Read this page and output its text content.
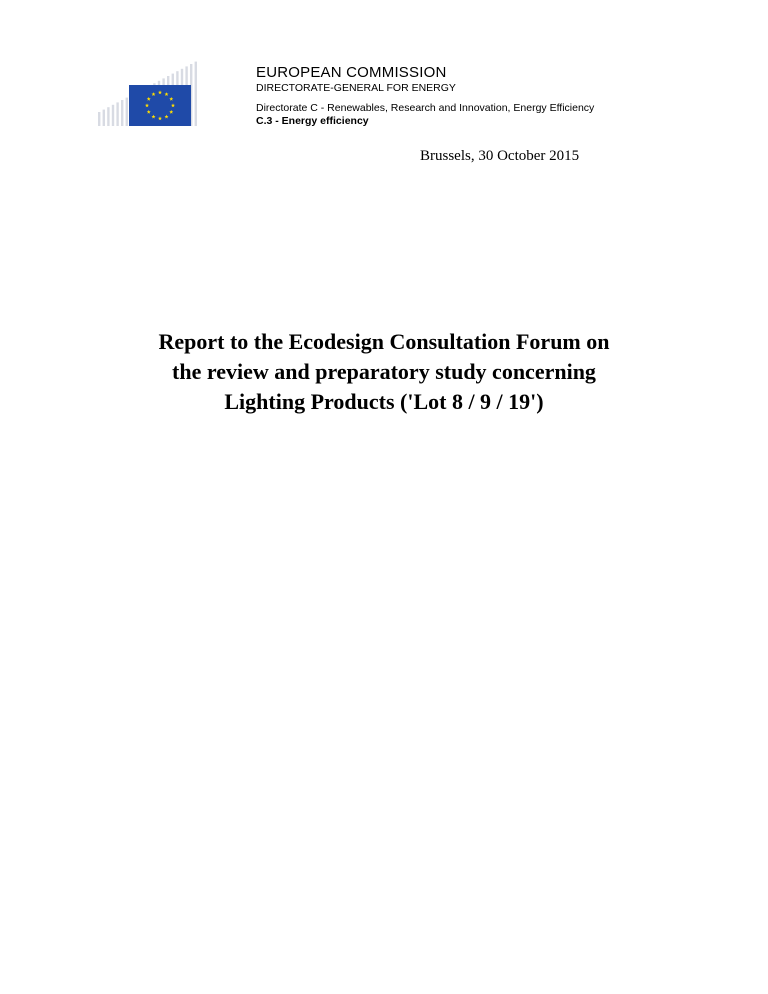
EUROPEAN COMMISSION
DIRECTORATE-GENERAL FOR ENERGY
Directorate C - Renewables, Research and Innovation, Energy Efficiency
C.3 - Energy efficiency
Brussels, 30 October 2015
Report to the Ecodesign Consultation Forum on
the review and preparatory study concerning
Lighting Products ('Lot 8 / 9 / 19')
